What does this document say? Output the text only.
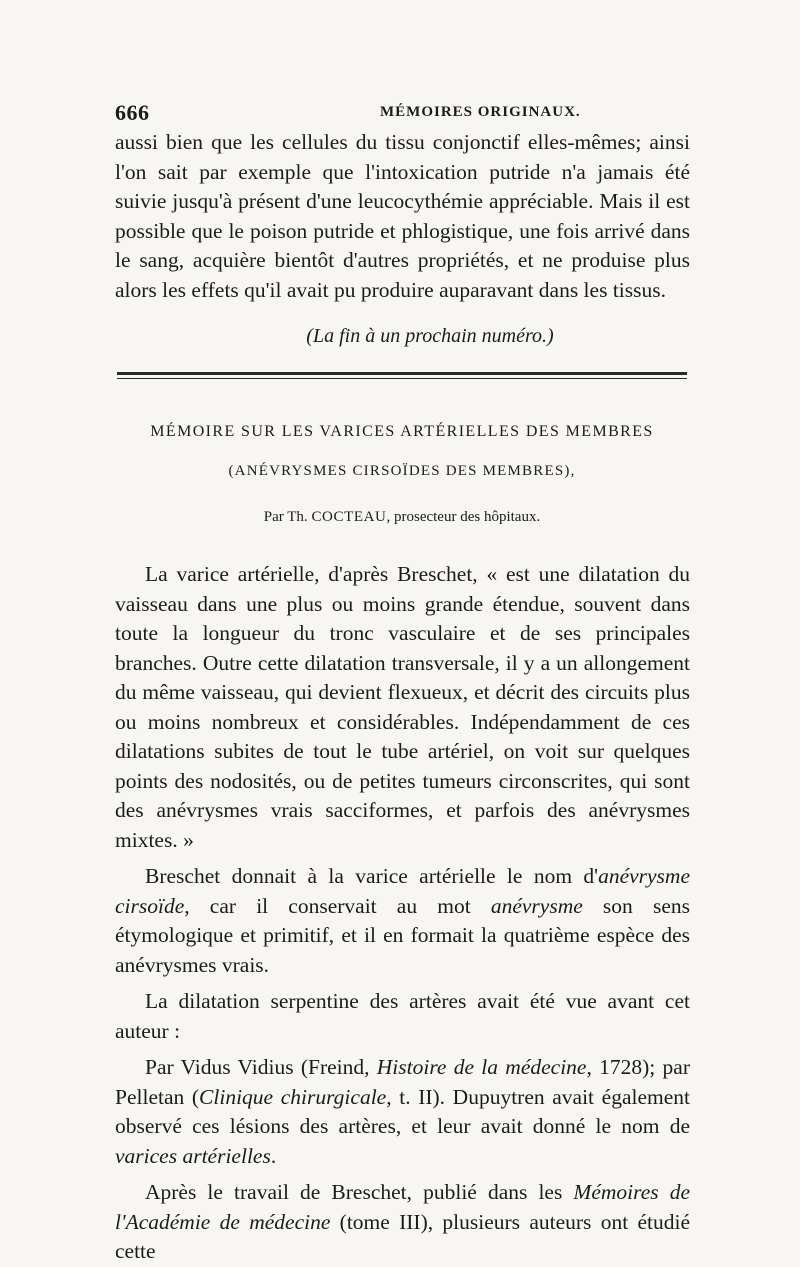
666	MÉMOIRES ORIGINAUX.

aussi bien que les cellules du tissu conjonctif elles-mêmes; ainsi l'on sait par exemple que l'intoxication putride n'a jamais été suivie jusqu'à présent d'une leucocythémie appréciable. Mais il est possible que le poison putride et phlogistique, une fois arrivé dans le sang, acquière bientôt d'autres propriétés, et ne produise plus alors les effets qu'il avait pu produire auparavant dans les tissus.

(La fin à un prochain numéro.)
MÉMOIRE SUR LES VARICES ARTÉRIELLES DES MEMBRES
(ANÉVRYSMES CIRSOÏDES DES MEMBRES),
Par Th. COCTEAU, prosecteur des hôpitaux.

La varice artérielle, d'après Breschet, « est une dilatation du vaisseau dans une plus ou moins grande étendue, souvent dans toute la longueur du tronc vasculaire et de ses principales branches. Outre cette dilatation transversale, il y a un allongement du même vaisseau, qui devient flexueux, et décrit des circuits plus ou moins nombreux et considérables. Indépendamment de ces dilatations subites de tout le tube artériel, on voit sur quelques points des nodosités, ou de petites tumeurs circonscrites, qui sont des anévrysmes vrais sacciformes, et parfois des anévrysmes mixtes. »

Breschet donnait à la varice artérielle le nom d'anévrysme cirsoïde, car il conservait au mot anévrysme son sens étymologique et primitif, et il en formait la quatrième espèce des anévrysmes vrais.

La dilatation serpentine des artères avait été vue avant cet auteur :

Par Vidus Vidius (Freind, Histoire de la médecine, 1728); par Pelletan (Clinique chirurgicale, t. II). Dupuytren avait également observé ces lésions des artères, et leur avait donné le nom de varices artérielles.

Après le travail de Breschet, publié dans les Mémoires de l'Académie de médecine (tome III), plusieurs auteurs ont étudié cette
